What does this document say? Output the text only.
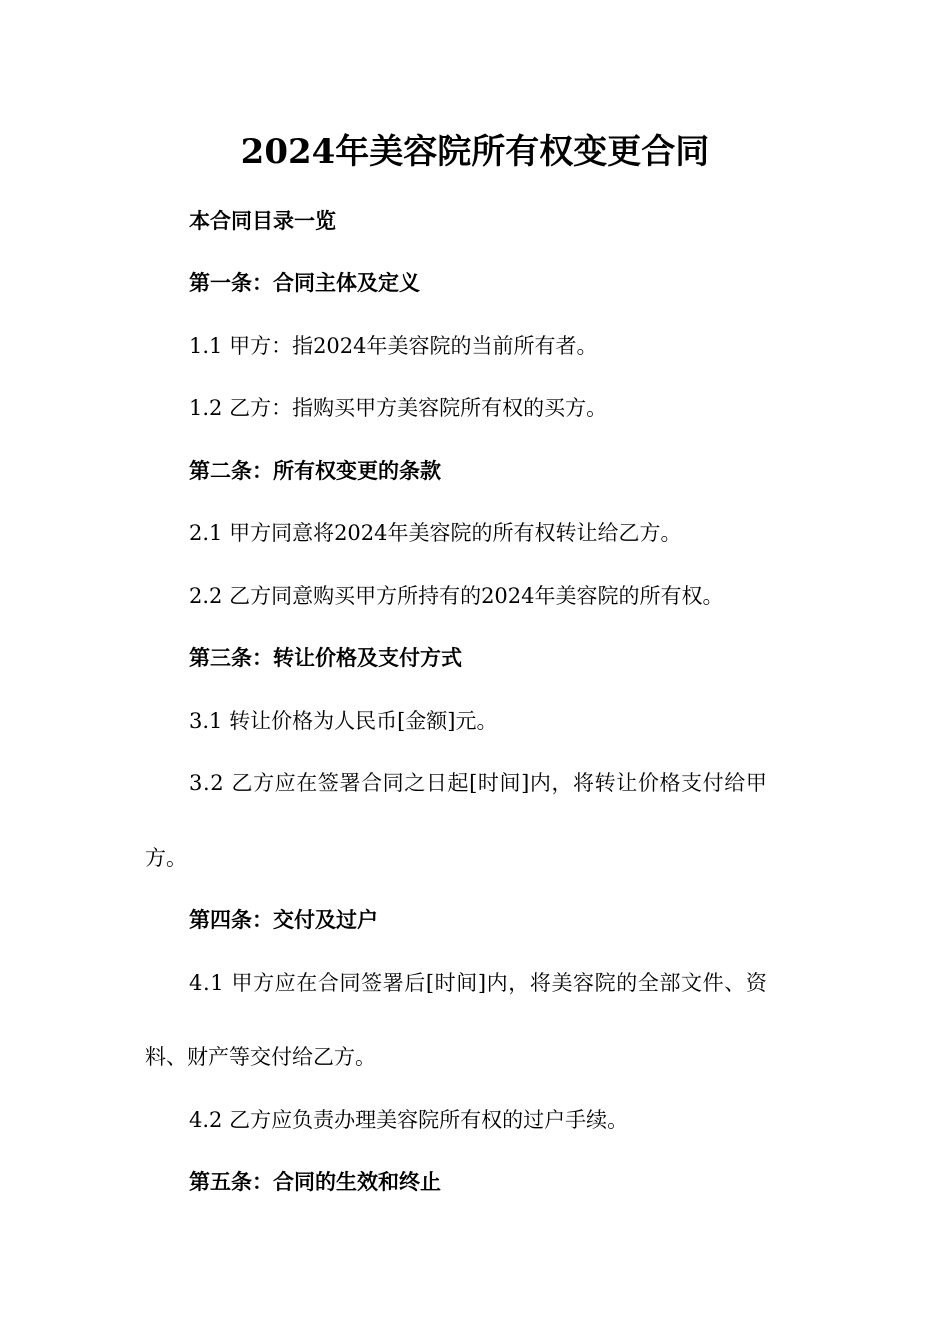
2024年美容院所有权变更合同
本合同目录一览
第一条：合同主体及定义
1.1 甲方：指2024年美容院的当前所有者。
1.2 乙方：指购买甲方美容院所有权的买方。
第二条：所有权变更的条款
2.1 甲方同意将2024年美容院的所有权转让给乙方。
2.2 乙方同意购买甲方所持有的2024年美容院的所有权。
第三条：转让价格及支付方式
3.1 转让价格为人民币[金额]元。
3.2 乙方应在签署合同之日起[时间]内，将转让价格支付给甲
方。
第四条：交付及过户
4.1 甲方应在合同签署后[时间]内，将美容院的全部文件、资
料、财产等交付给乙方。
4.2 乙方应负责办理美容院所有权的过户手续。
第五条：合同的生效和终止
